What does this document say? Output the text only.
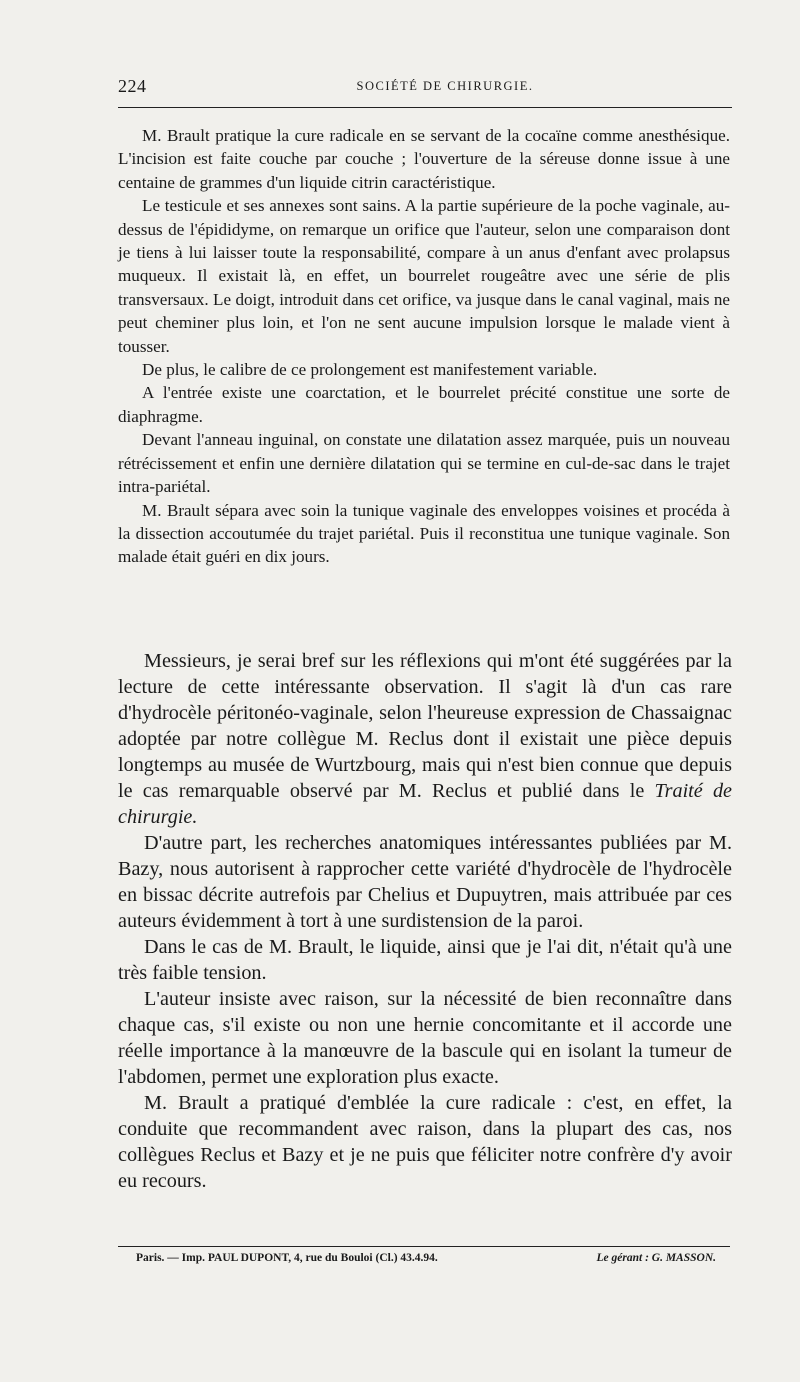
224	SOCIÉTÉ DE CHIRURGIE.

M. Brault pratique la cure radicale en se servant de la cocaïne comme anesthésique. L'incision est faite couche par couche ; l'ouverture de la séreuse donne issue à une centaine de grammes d'un liquide citrin caractéristique.

Le testicule et ses annexes sont sains. A la partie supérieure de la poche vaginale, au-dessus de l'épididyme, on remarque un orifice que l'auteur, selon une comparaison dont je tiens à lui laisser toute la responsabilité, compare à un anus d'enfant avec prolapsus muqueux. Il existait là, en effet, un bourrelet rougeâtre avec une série de plis transversaux. Le doigt, introduit dans cet orifice, va jusque dans le canal vaginal, mais ne peut cheminer plus loin, et l'on ne sent aucune impulsion lorsque le malade vient à tousser.

De plus, le calibre de ce prolongement est manifestement variable.

A l'entrée existe une coarctation, et le bourrelet précité constitue une sorte de diaphragme.

Devant l'anneau inguinal, on constate une dilatation assez marquée, puis un nouveau rétrécissement et enfin une dernière dilatation qui se termine en cul-de-sac dans le trajet intra-pariétal.

M. Brault sépara avec soin la tunique vaginale des enveloppes voisines et procéda à la dissection accoutumée du trajet pariétal. Puis il reconstitua une tunique vaginale. Son malade était guéri en dix jours.

Messieurs, je serai bref sur les réflexions qui m'ont été suggérées par la lecture de cette intéressante observation. Il s'agit là d'un cas rare d'hydrocèle péritonéo-vaginale, selon l'heureuse expression de Chassaignac adoptée par notre collègue M. Reclus dont il existait une pièce depuis longtemps au musée de Wurtzbourg, mais qui n'est bien connue que depuis le cas remarquable observé par M. Reclus et publié dans le Traité de chirurgie.

D'autre part, les recherches anatomiques intéressantes publiées par M. Bazy, nous autorisent à rapprocher cette variété d'hydrocèle de l'hydrocèle en bissac décrite autrefois par Chelius et Dupuytren, mais attribuée par ces auteurs évidemment à tort à une surdistension de la paroi.

Dans le cas de M. Brault, le liquide, ainsi que je l'ai dit, n'était qu'à une très faible tension.

L'auteur insiste avec raison, sur la nécessité de bien reconnaître dans chaque cas, s'il existe ou non une hernie concomitante et il accorde une réelle importance à la manœuvre de la bascule qui en isolant la tumeur de l'abdomen, permet une exploration plus exacte.

M. Brault a pratiqué d'emblée la cure radicale : c'est, en effet, la conduite que recommandent avec raison, dans la plupart des cas, nos collègues Reclus et Bazy et je ne puis que féliciter notre confrère d'y avoir eu recours.

Paris. — Imp. PAUL DUPONT, 4, rue du Bouloi (Cl.) 43.4.94.	Le gérant : G. MASSON.
